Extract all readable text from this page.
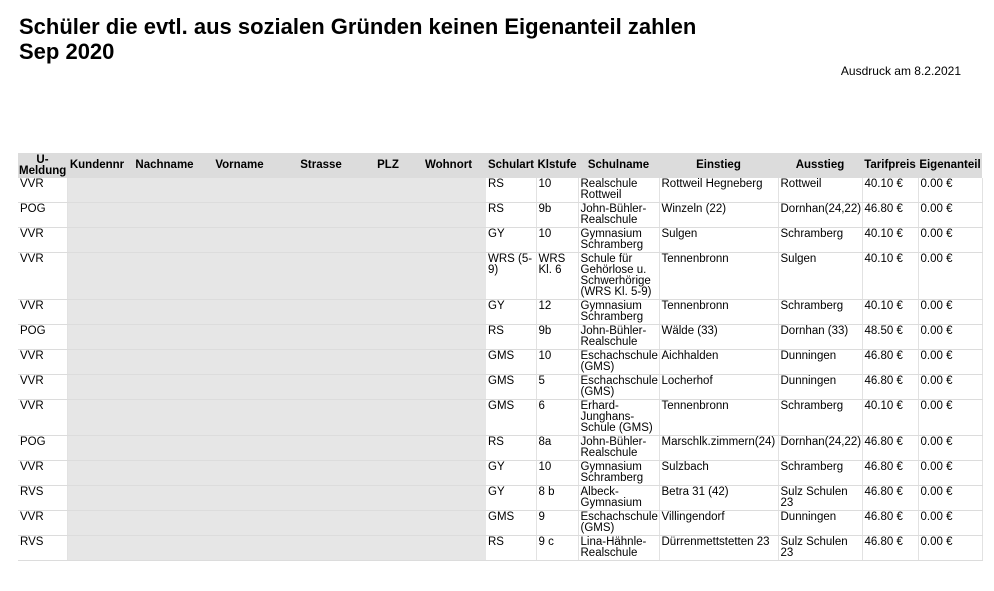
Schüler die evtl. aus sozialen Gründen keinen Eigenanteil zahlen Sep 2020
Ausdruck am 8.2.2021
U-Meldung	Kundennr	Nachname	Vorname	Strasse	PLZ	Wohnort	Schulart	Klstufe	Schulname	Einstieg	Ausstieg	Tarifpreis	Eigenanteil
VVR							RS	10	Realschule Rottweil	Rottweil Hegneberg	Rottweil	40.10 €	0.00 €
POG							RS	9b	John-Bühler-Realschule	Winzeln (22)	Dornhan(24,22)	46.80 €	0.00 €
VVR							GY	10	Gymnasium Schramberg	Sulgen	Schramberg	40.10 €	0.00 €
VVR							WRS (5-9)	WRS Kl. 6	Schule für Gehörlose u. Schwerhörige (WRS Kl. 5-9)	Tennenbronn	Sulgen	40.10 €	0.00 €
VVR							GY	12	Gymnasium Schramberg	Tennenbronn	Schramberg	40.10 €	0.00 €
POG							RS	9b	John-Bühler-Realschule	Wälde (33)	Dornhan (33)	48.50 €	0.00 €
VVR							GMS	10	Eschachschule (GMS)	Aichhalden	Dunningen	46.80 €	0.00 €
VVR							GMS	5	Eschachschule (GMS)	Locherhof	Dunningen	46.80 €	0.00 €
VVR							GMS	6	Erhard-Junghans-Schule (GMS)	Tennenbronn	Schramberg	40.10 €	0.00 €
POG							RS	8a	John-Bühler-Realschule	Marschlk.zimmern(24)	Dornhan(24,22)	46.80 €	0.00 €
VVR							GY	10	Gymnasium Schramberg	Sulzbach	Schramberg	46.80 €	0.00 €
RVS							GY	8 b	Albeck-Gymnasium	Betra 31 (42)	Sulz Schulen 23	46.80 €	0.00 €
VVR							GMS	9	Eschachschule (GMS)	Villingendorf	Dunningen	46.80 €	0.00 €
RVS							RS	9 c	Lina-Hähnle-Realschule	Dürrenmettstetten 23	Sulz Schulen 23	46.80 €	0.00 €
